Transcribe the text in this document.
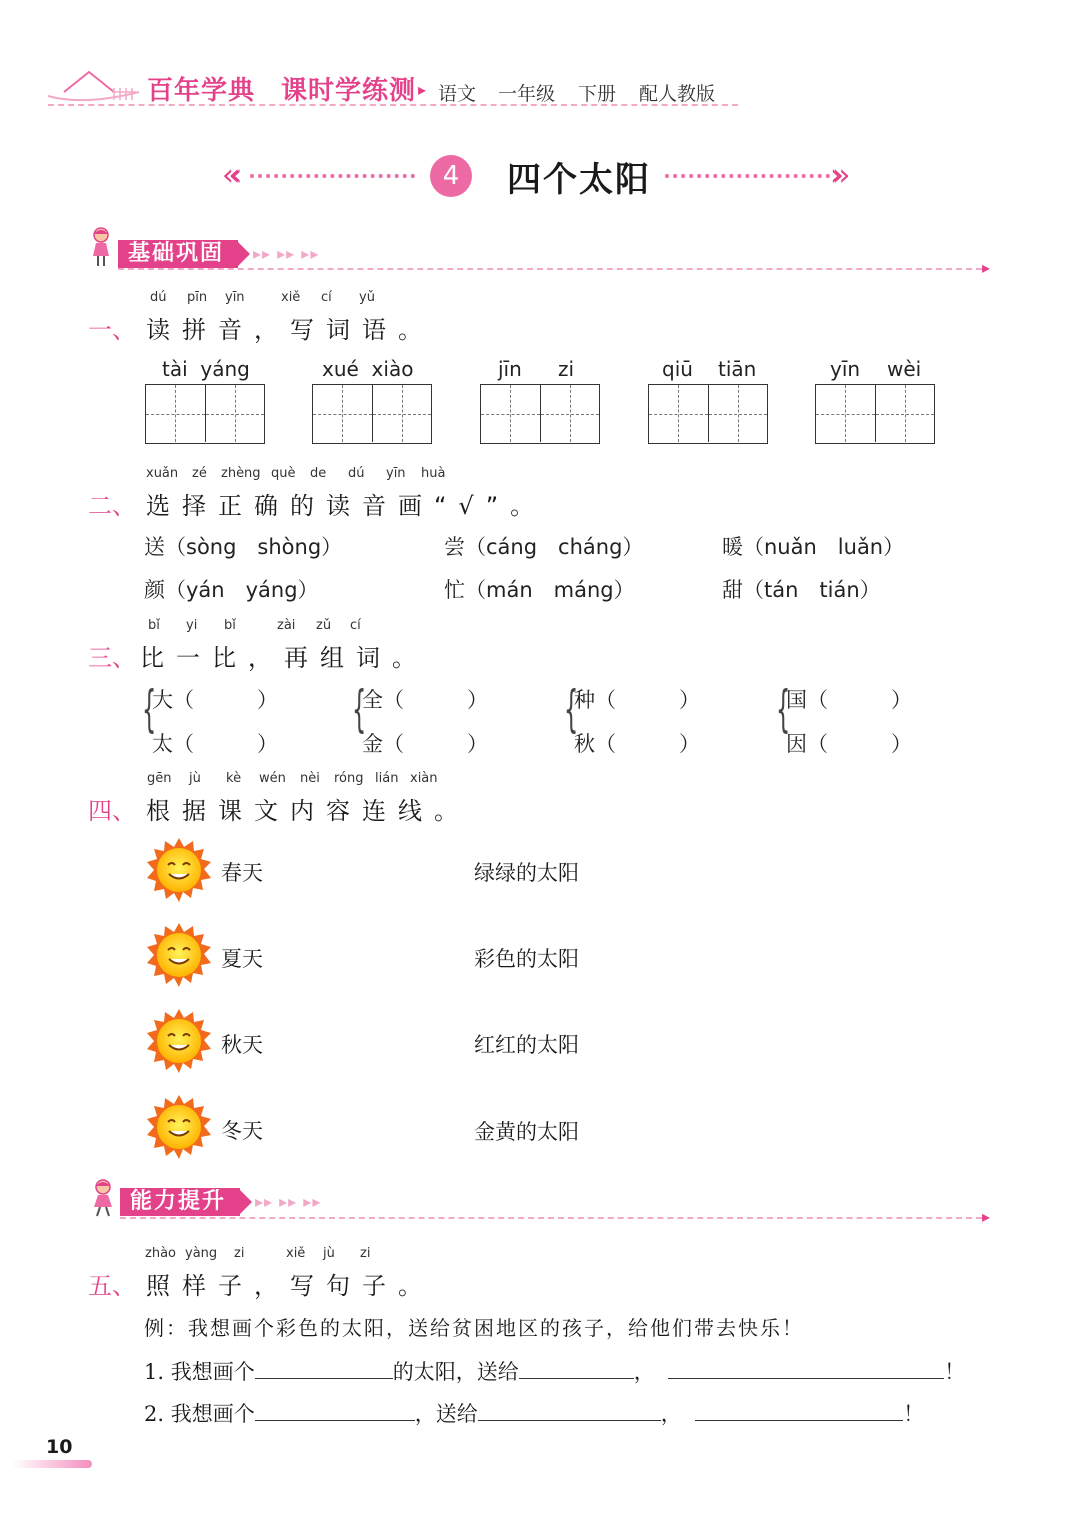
百年学典 课时学练测 ▸ 语文 一年级 下册 配人教版
«‹	4	四个太阳	›»
基础巩固	▸▸ ▸▸ ▸▸
▸
dú pīn yīn	xiě cí yǔ
一、 读拼音，写词语。
tài yáng	xué xiào	jīn zi	qiū tiān	yīn wèi
xuǎn zé zhèng què de dú yīn huà
二、 选择正确的读音画“√”。
送（sòng　shòng）	尝（cáng　cháng）	暖（nuǎn　luǎn）
颜（yán　yáng）	忙（mán　máng）	甜（tán　tián）
bǐ yi bǐ	zài zǔ cí
三、 比一比，再组词。
{
大（　　　）
太（　　　）
{
全（　　　）
金（　　　）
{
种（　　　）
秋（　　　）
{
国（　　　）
因（　　　）
gēn jù kè wén nèi róng lián xiàn
四、 根据课文内容连线。
春天	绿绿的太阳
夏天	彩色的太阳
秋天	红红的太阳
冬天	金黄的太阳
能力提升	▸▸ ▸▸ ▸▸
▸
zhào yàng zi	xiě jù zi
五、 照样子，写句子。
例：我想画个彩色的太阳，送给贫困地区的孩子，给他们带去快乐！
1. 我想画个	的太阳，送给	，	！
2. 我想画个	，送给	，	！
10
